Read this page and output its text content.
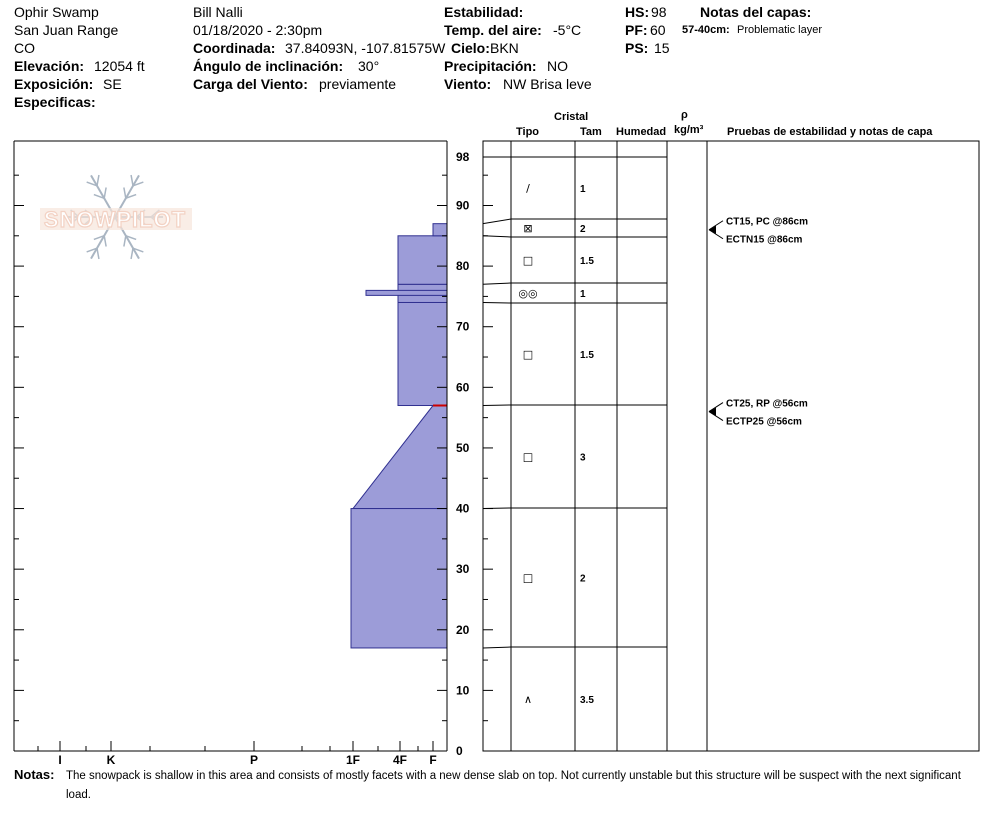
Ophir Swamp
San Juan Range
CO
Elevación: 12054 ft
Exposición: SE
Especificas:
Bill Nalli
01/18/2020 - 2:30pm
Coordinada: 37.84093N, -107.81575W
Ángulo de inclinación: 30°
Carga del Viento: previamente
Estabilidad:
Temp. del aire: -5°C
Cielo: BKN
Precipitación: NO
Viento: NW Brisa leve
HS: 98
PF: 60
PS: 15
Notas del capas:
57-40cm: Problematic layer
Cristal
Tipo	Tam Humedad
ρ
kg/m³ Pruebas de estabilidad y notas de capa
SNOWPILOT
I	K	P	1F	4F F
0
10
20
30
40
50
60
70
80
90
98
/	1
⊠	2
□	1.5
◎◎	1
□	1.5
□	3
□	2
∧	3.5
CT15, PC @86cm
ECTN15 @86cm
CT25, RP @56cm
ECTP25 @56cm
Notas: The snowpack is shallow in this area and consists of mostly facets with a new dense slab on top. Not currently unstable but this structure will be suspect with the next significant load.
